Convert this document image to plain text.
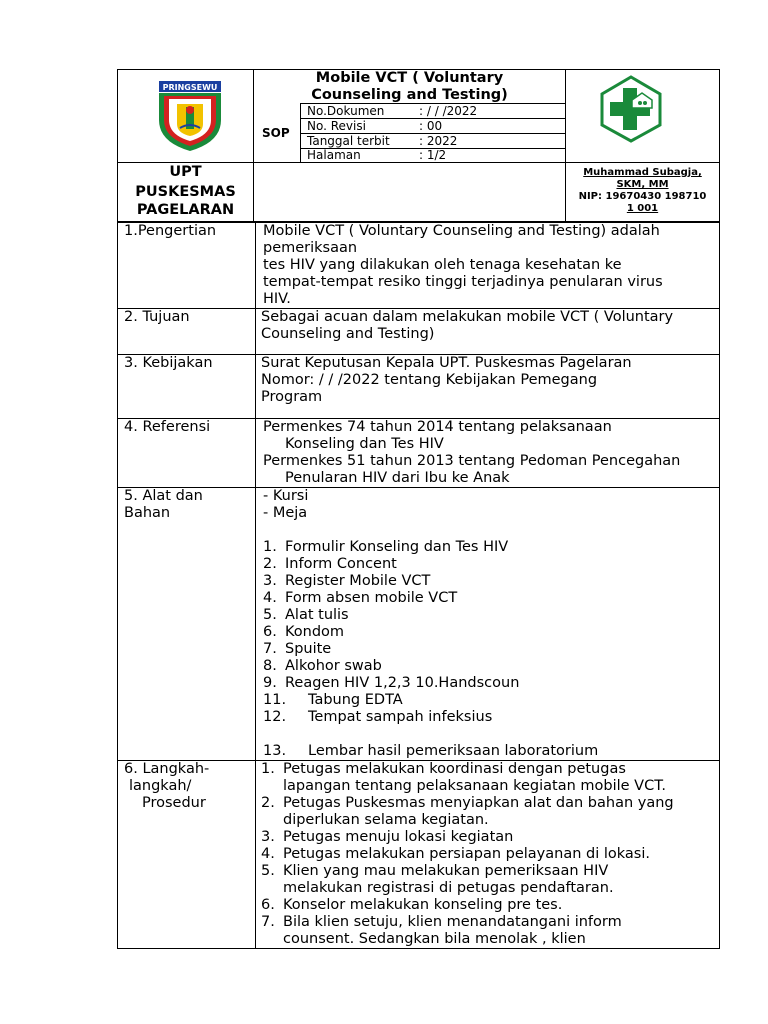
PRINGSEWU
Mobile VCT ( Voluntary
Counseling and Testing)
SOP
No.Dokumen	: / / /2022
No. Revisi	: 00
Tanggal terbit : 2022
Halaman	: 1/2
UPT
PUSKESMAS
PAGELARAN
Muhammad Subagja,
SKM, MM
NIP: 19670430 198710
1 001
1.Pengertian	Mobile VCT ( Voluntary Counseling and Testing) adalah
pemeriksaan
tes HIV yang dilakukan oleh tenaga kesehatan ke
tempat-tempat resiko tinggi terjadinya penularan virus
HIV.
2. Tujuan	Sebagai acuan dalam melakukan mobile VCT ( Voluntary
Counseling and Testing)
3. Kebijakan	Surat Keputusan Kepala UPT. Puskesmas Pagelaran
Nomor: / / /2022 tentang Kebijakan Pemegang
Program
4. Referensi	Permenkes 74 tahun 2014 tentang pelaksanaan
Konseling dan Tes HIV
Permenkes 51 tahun 2013 tentang Pedoman Pencegahan
Penularan HIV dari Ibu ke Anak
5. Alat dan
Bahan
- Kursi
- Meja
1. Formulir Konseling dan Tes HIV
2. Inform Concent
3. Register Mobile VCT
4. Form absen mobile VCT
5. Alat tulis
6. Kondom
7. Spuite
8. Alkohor swab
9. Reagen HIV 1,2,3 10.Handscoun
11. Tabung EDTA
12. Tempat sampah infeksius
13. Lembar hasil pemeriksaan laboratorium
6. Langkah-
langkah/
Prosedur
1. Petugas melakukan koordinasi dengan petugas
lapangan tentang pelaksanaan kegiatan mobile VCT.
2. Petugas Puskesmas menyiapkan alat dan bahan yang
diperlukan selama kegiatan.
3. Petugas menuju lokasi kegiatan
4. Petugas melakukan persiapan pelayanan di lokasi.
5. Klien yang mau melakukan pemeriksaan HIV
melakukan registrasi di petugas pendaftaran.
6. Konselor melakukan konseling pre tes.
7. Bila klien setuju, klien menandatangani inform
counsent. Sedangkan bila menolak , klien
